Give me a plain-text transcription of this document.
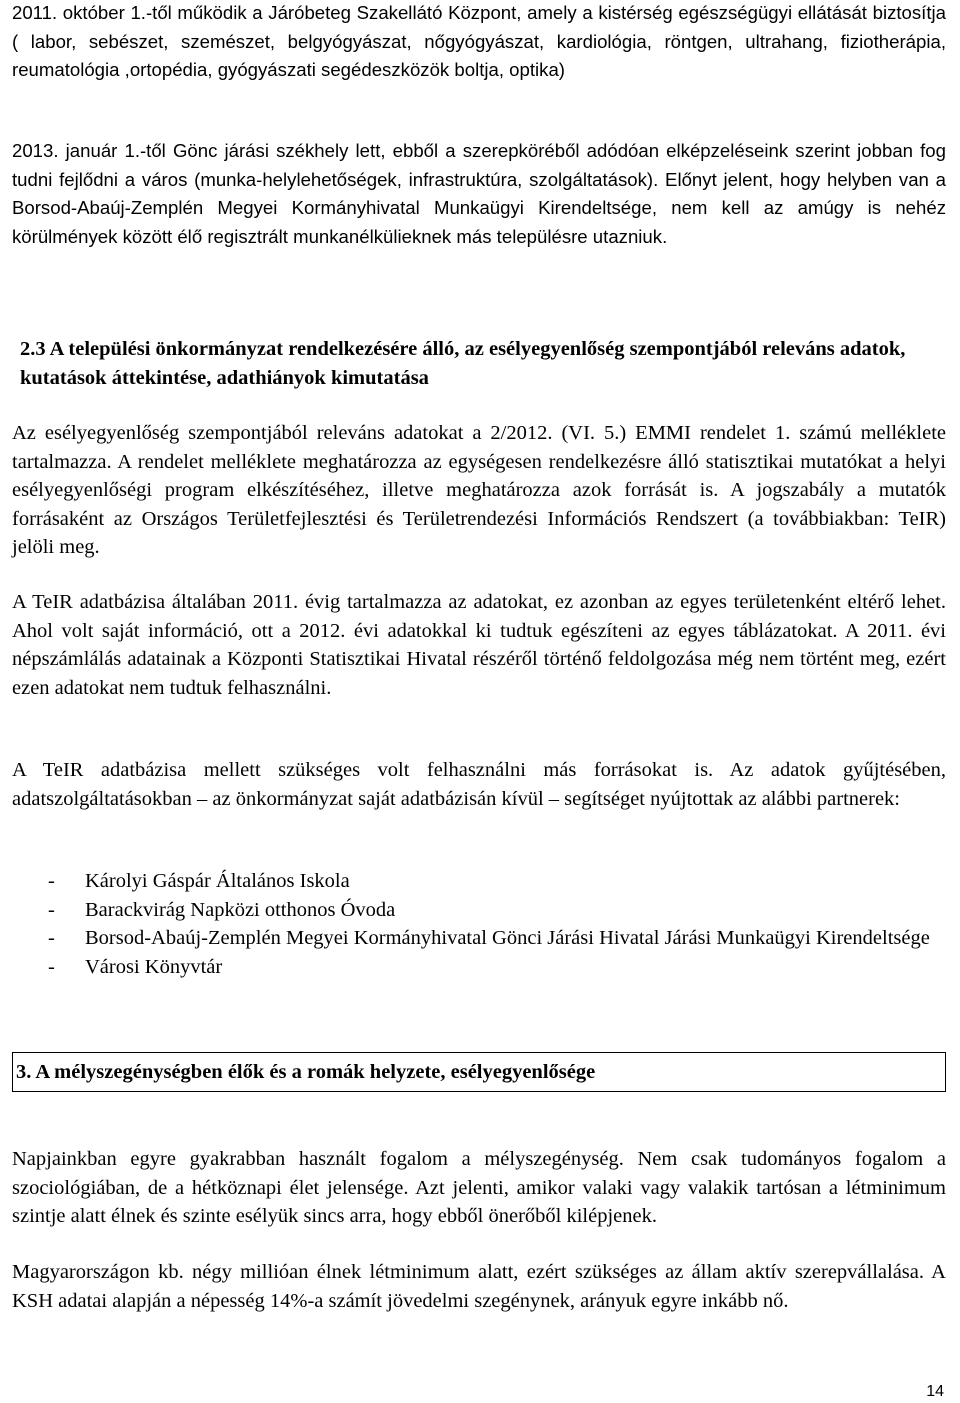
2011. október 1.-től működik a Járóbeteg Szakellátó Központ, amely a kistérség egészségügyi ellátását biztosítja ( labor, sebészet, szemészet, belgyógyászat, nőgyógyászat, kardiológia, röntgen, ultrahang, fiziotherápia, reumatológia ,ortopédia, gyógyászati segédeszközök boltja, optika)

2013. január 1.-től Gönc járási székhely lett, ebből a szerepköréből adódóan elképzeléseink szerint jobban fog tudni fejlődni a város (munka-helylehetőségek, infrastruktúra, szolgáltatások). Előnyt jelent, hogy helyben van a Borsod-Abaúj-Zemplén Megyei Kormányhivatal Munkaügyi Kirendeltsége, nem kell az amúgy is nehéz körülmények között élő regisztrált munkanélkülieknek más településre utazniuk.

2.3 A települési önkormányzat rendelkezésére álló, az esélyegyenlőség szempontjából releváns adatok, kutatások áttekintése, adathiányok kimutatása

Az esélyegyenlőség szempontjából releváns adatokat a 2/2012. (VI. 5.) EMMI rendelet 1. számú melléklete tartalmazza. A rendelet melléklete meghatározza az egységesen rendelkezésre álló statisztikai mutatókat a helyi esélyegyenlőségi program elkészítéséhez, illetve meghatározza azok forrását is. A jogszabály a mutatók forrásaként az Országos Területfejlesztési és Területrendezési Információs Rendszert (a továbbiakban: TeIR) jelöli meg.

A TeIR adatbázisa általában 2011. évig tartalmazza az adatokat, ez azonban az egyes területenként eltérő lehet. Ahol volt saját információ, ott a 2012. évi adatokkal ki tudtuk egészíteni az egyes táblázatokat. A 2011. évi népszámlálás adatainak a Központi Statisztikai Hivatal részéről történő feldolgozása még nem történt meg, ezért ezen adatokat nem tudtuk felhasználni.

A TeIR adatbázisa mellett szükséges volt felhasználni más forrásokat is. Az adatok gyűjtésében, adatszolgáltatásokban – az önkormányzat saját adatbázisán kívül – segítséget nyújtottak az alábbi partnerek:

- Károlyi Gáspár Általános Iskola
- Barackvirág Napközi otthonos Óvoda
- Borsod-Abaúj-Zemplén Megyei Kormányhivatal Gönci Járási Hivatal Járási Munkaügyi Kirendeltsége
- Városi Könyvtár

Napjainkban egyre gyakrabban használt fogalom a mélyszegénység. Nem csak tudományos fogalom a szociológiában, de a hétköznapi élet jelensége. Azt jelenti, amikor valaki vagy valakik tartósan a létminimum szintje alatt élnek és szinte esélyük sincs arra, hogy ebből önerőből kilépjenek.

Magyarországon kb. négy millióan élnek létminimum alatt, ezért szükséges az állam aktív szerepvállalása. A KSH adatai alapján a népesség 14%-a számít jövedelmi szegénynek, arányuk egyre inkább nő.

3. A mélyszegénységben élők és a romák helyzete, esélyegyenlősége
14
